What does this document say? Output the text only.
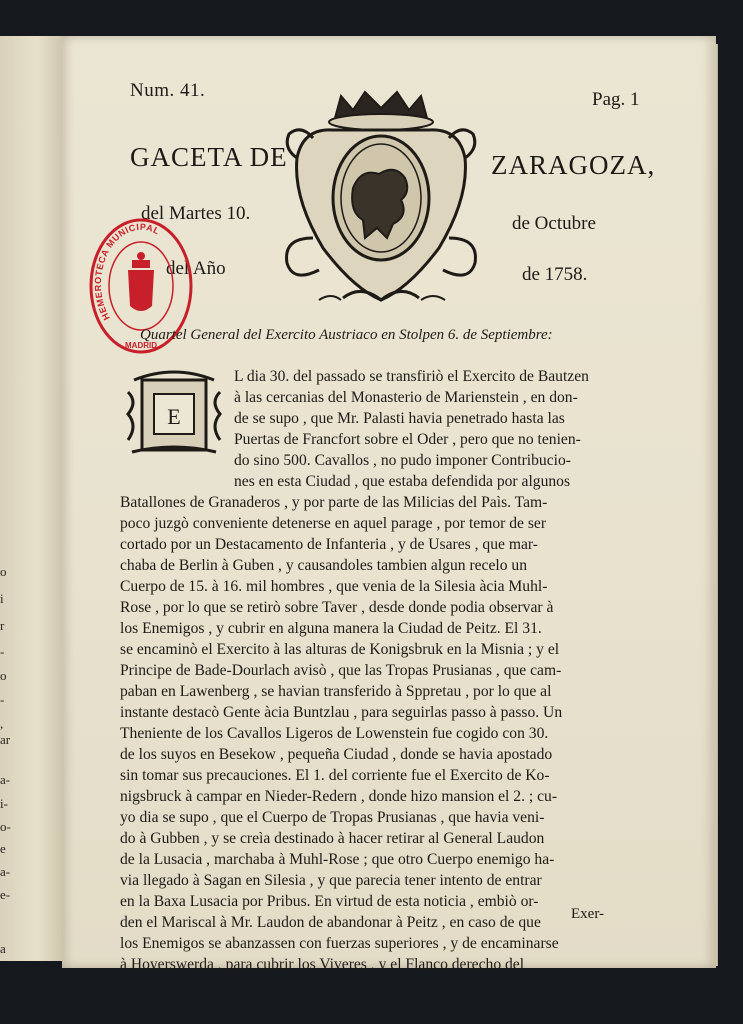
o
i
r
-
o
-
,
ar
a-
i-
o-
e
a-
e-
a
Num. 41.	Pag. 1
GACETA DE	ZARAGOZA,
del Martes 10.	de Octubre
del Año	de 1758.
HEMEROTECA MUNICIPAL
MADRID
Quartel General del Exercito Austriaco en Stolpen 6. de Septiembre:
E
L dia 30. del passado se transfiriò el Exercito de Bautzen
à las cercanias del Monasterio de Marienstein , en don-
de se supo , que Mr. Palasti havia penetrado hasta las
Puertas de Francfort sobre el Oder , pero que no tenien-
do sino 500. Cavallos , no pudo imponer Contribucio-
nes en esta Ciudad , que estaba defendida por algunos
Batallones de Granaderos , y por parte de las Milicias del Paìs. Tam-
poco juzgò conveniente detenerse en aquel parage , por temor de ser
cortado por un Destacamento de Infanteria , y de Usares , que mar-
chaba de Berlin à Guben , y causandoles tambien algun recelo un
Cuerpo de 15. à 16. mil hombres , que venia de la Silesia àcia Muhl-
Rose , por lo que se retirò sobre Taver , desde donde podia observar à
los Enemigos , y cubrir en alguna manera la Ciudad de Peitz. El 31.
se encaminò el Exercito à las alturas de Konigsbruk en la Misnia ; y el
Principe de Bade-Dourlach avisò , que las Tropas Prusianas , que cam-
paban en Lawenberg , se havian transferido à Sppretau , por lo que al
instante destacò Gente àcia Buntzlau , para seguirlas passo à passo. Un
Theniente de los Cavallos Ligeros de Lowenstein fue cogido con 30.
de los suyos en Besekow , pequeña Ciudad , donde se havia apostado
sin tomar sus precauciones. El 1. del corriente fue el Exercito de Ko-
nigsbruck à campar en Nieder-Redern , donde hizo mansion el 2. ; cu-
yo dia se supo , que el Cuerpo de Tropas Prusianas , que havia veni-
do à Gubben , y se creìa destinado à hacer retirar al General Laudon
de la Lusacia , marchaba à Muhl-Rose ; que otro Cuerpo enemigo ha-
via llegado à Sagan en Silesia , y que parecia tener intento de entrar
en la Baxa Lusacia por Pribus. En virtud de esta noticia , embiò or-
den el Mariscal à Mr. Laudon de abandonar à Peitz , en caso de que
los Enemigos se abanzassen con fuerzas superiores , y de encaminarse
à Hoyerswerda , para cubrir los Viveres , y el Flanco derecho del
Exer-
